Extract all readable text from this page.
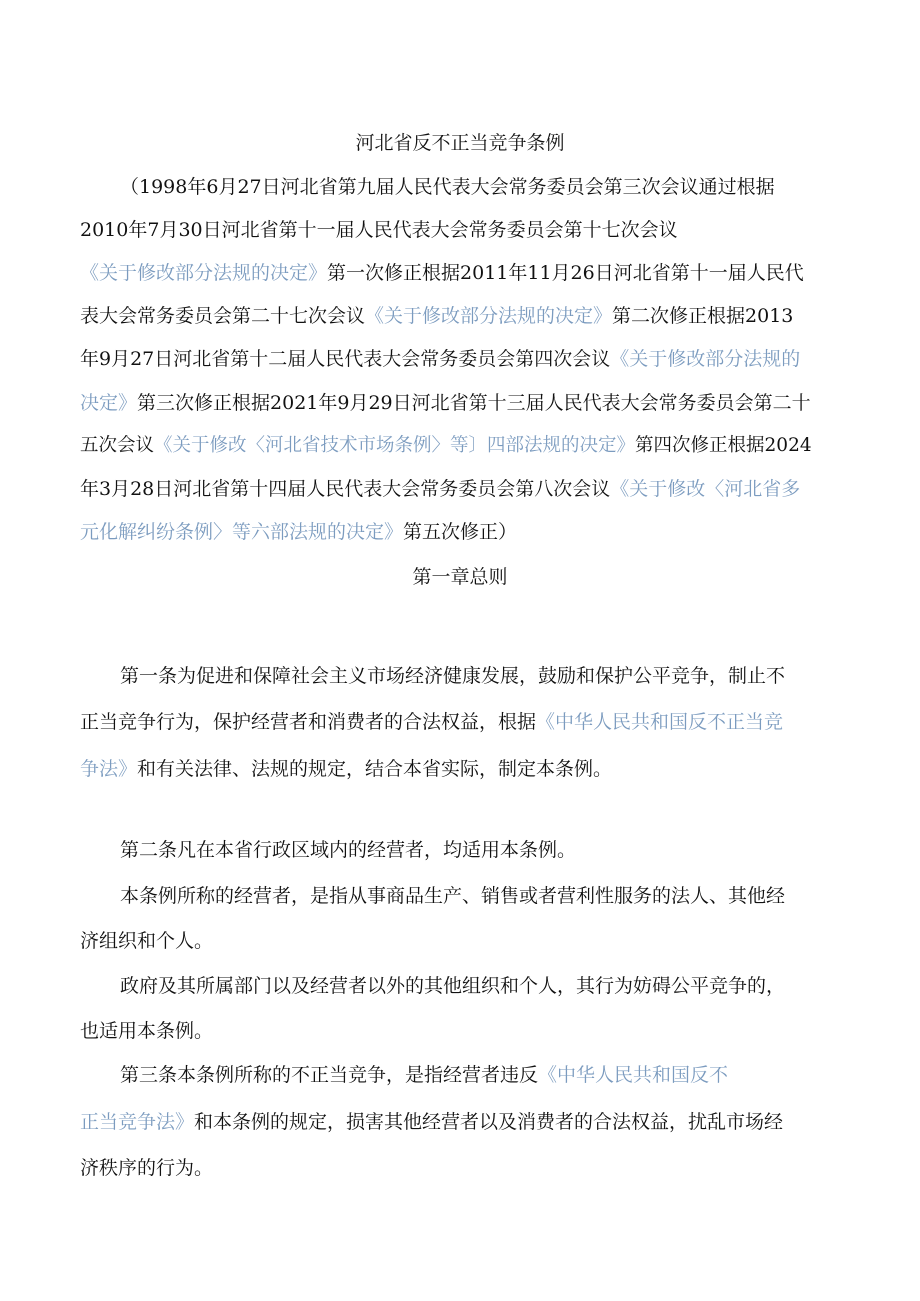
河北省反不正当竞争条例
（1998年6月27日河北省第九届人民代表大会常务委员会第三次会议通过根据
2010年7月30日河北省第十一届人民代表大会常务委员会第十七次会议
《关于修改部分法规的决定》第一次修正根据2011年11月26日河北省第十一届人民代
表大会常务委员会第二十七次会议《关于修改部分法规的决定》第二次修正根据2013
年9月27日河北省第十二届人民代表大会常务委员会第四次会议《关于修改部分法规的
决定》第三次修正根据2021年9月29日河北省第十三届人民代表大会常务委员会第二十
五次会议《关于修改〈河北省技术市场条例〉等〕四部法规的决定》第四次修正根据2024
年3月28日河北省第十四届人民代表大会常务委员会第八次会议《关于修改〈河北省多
元化解纠纷条例〉等六部法规的决定》第五次修正）
第一章总则
第一条为促进和保障社会主义市场经济健康发展，鼓励和保护公平竞争，制止不
正当竞争行为，保护经营者和消费者的合法权益，根据《中华人民共和国反不正当竞
争法》和有关法律、法规的规定，结合本省实际，制定本条例。
第二条凡在本省行政区域内的经营者，均适用本条例。
本条例所称的经营者，是指从事商品生产、销售或者营利性服务的法人、其他经
济组织和个人。
政府及其所属部门以及经营者以外的其他组织和个人，其行为妨碍公平竞争的，
也适用本条例。
第三条本条例所称的不正当竞争，是指经营者违反《中华人民共和国反不
正当竞争法》和本条例的规定，损害其他经营者以及消费者的合法权益，扰乱市场经
济秩序的行为。
